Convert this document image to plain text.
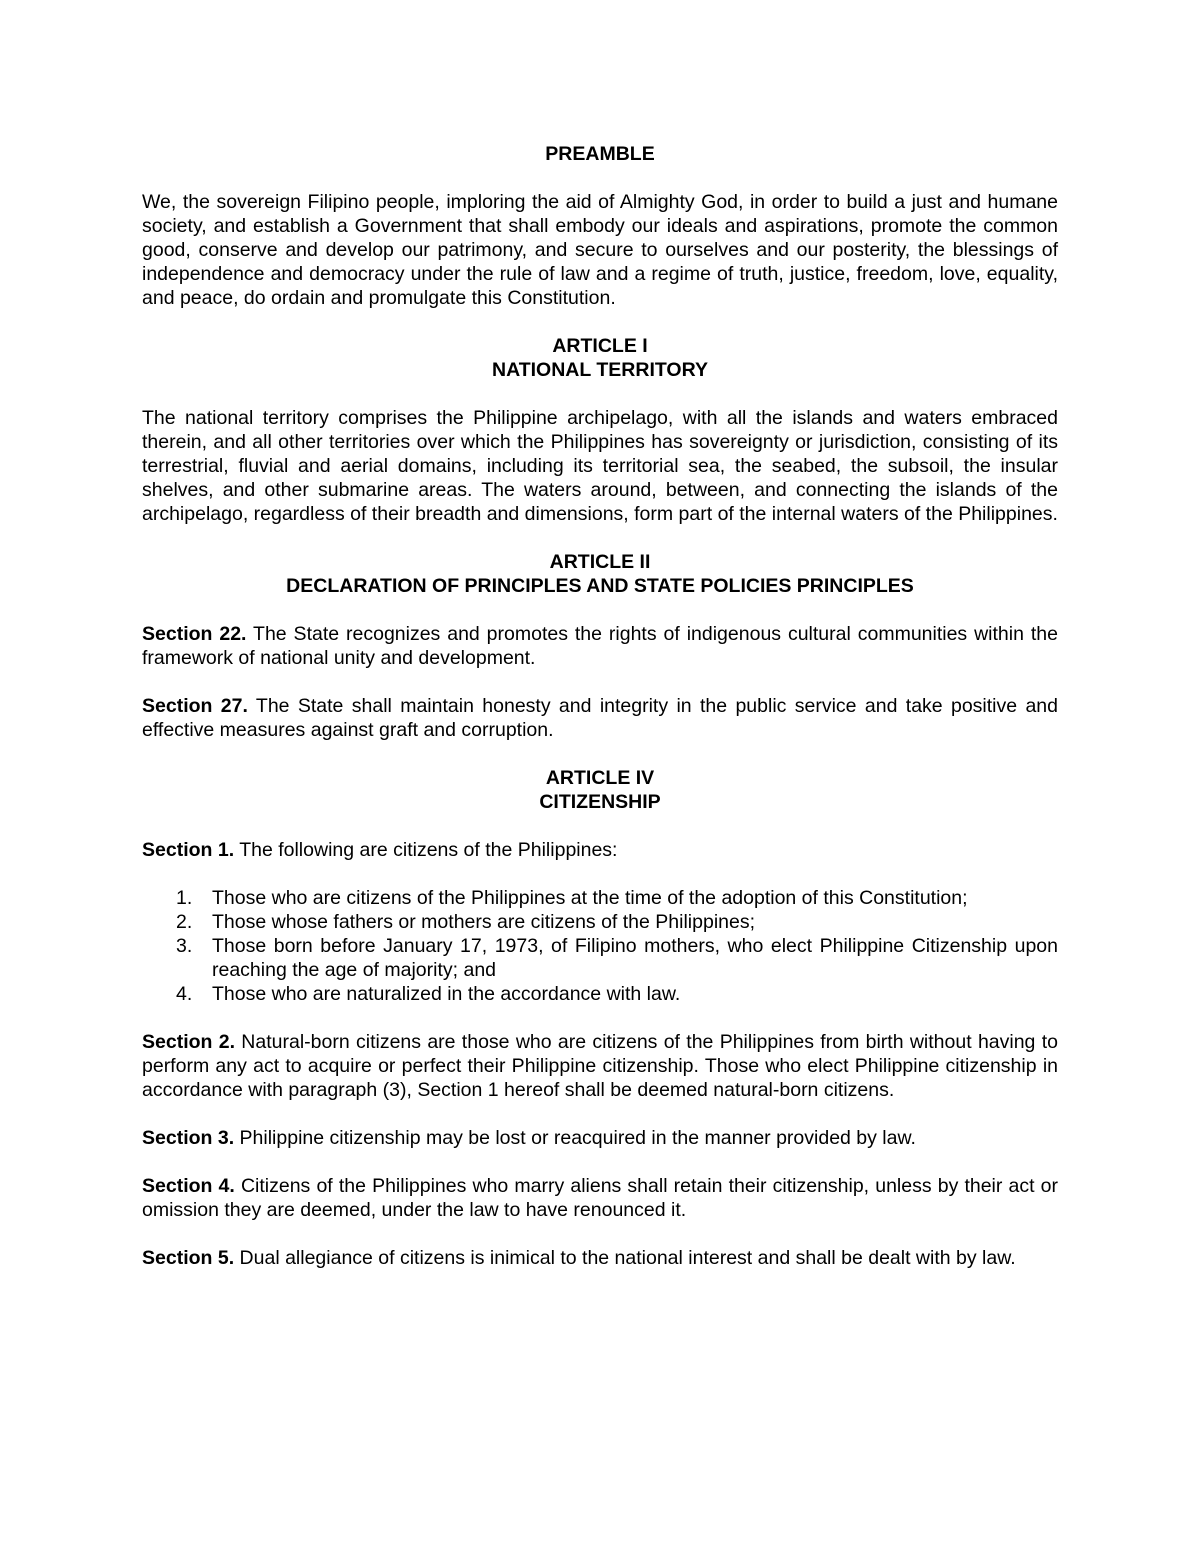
PREAMBLE

We, the sovereign Filipino people, imploring the aid of Almighty God, in order to build a just and humane society, and establish a Government that shall embody our ideals and aspirations, promote the common good, conserve and develop our patrimony, and secure to ourselves and our posterity, the blessings of independence and democracy under the rule of law and a regime of truth, justice, freedom, love, equality, and peace, do ordain and promulgate this Constitution.

ARTICLE I
NATIONAL TERRITORY

The national territory comprises the Philippine archipelago, with all the islands and waters embraced therein, and all other territories over which the Philippines has sovereignty or jurisdiction, consisting of its terrestrial, fluvial and aerial domains, including its territorial sea, the seabed, the subsoil, the insular shelves, and other submarine areas. The waters around, between, and connecting the islands of the archipelago, regardless of their breadth and dimensions, form part of the internal waters of the Philippines.

ARTICLE II
DECLARATION OF PRINCIPLES AND STATE POLICIES PRINCIPLES

Section 22. The State recognizes and promotes the rights of indigenous cultural communities within the framework of national unity and development.

Section 27. The State shall maintain honesty and integrity in the public service and take positive and effective measures against graft and corruption.

ARTICLE IV
CITIZENSHIP

Section 1. The following are citizens of the Philippines:

1. Those who are citizens of the Philippines at the time of the adoption of this Constitution;
2. Those whose fathers or mothers are citizens of the Philippines;
3. Those born before January 17, 1973, of Filipino mothers, who elect Philippine Citizenship upon reaching the age of majority; and
4. Those who are naturalized in the accordance with law.

Section 2. Natural-born citizens are those who are citizens of the Philippines from birth without having to perform any act to acquire or perfect their Philippine citizenship. Those who elect Philippine citizenship in accordance with paragraph (3), Section 1 hereof shall be deemed natural-born citizens.

Section 3. Philippine citizenship may be lost or reacquired in the manner provided by law.

Section 4. Citizens of the Philippines who marry aliens shall retain their citizenship, unless by their act or omission they are deemed, under the law to have renounced it.

Section 5. Dual allegiance of citizens is inimical to the national interest and shall be dealt with by law.
